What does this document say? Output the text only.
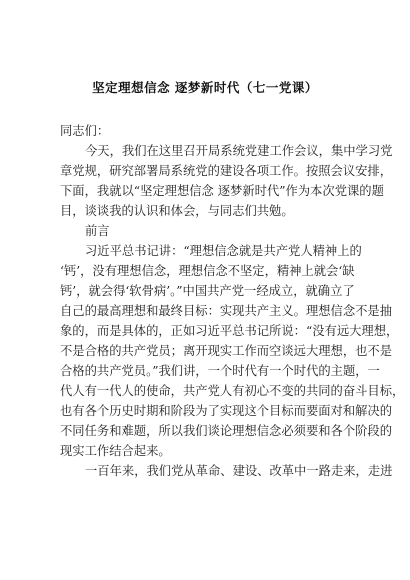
坚定理想信念 逐梦新时代（七一党课）
同志们：
今天，我们在这里召开局系统党建工作会议，集中学习党
章党规，研究部署局系统党的建设各项工作。按照会议安排，
下面，我就以“坚定理想信念 逐梦新时代”作为本次党课的题
目，谈谈我的认识和体会，与同志们共勉。
前言
习近平总书记讲：“理想信念就是共产党人精神上的
‘钙’，没有理想信念，理想信念不坚定，精神上就会‘缺
钙’，就会得‘软骨病’。”中国共产党一经成立，就确立了
自己的最高理想和最终目标：实现共产主义。理想信念不是抽
象的，而是具体的，正如习近平总书记所说：“没有远大理想，
不是合格的共产党员；离开现实工作而空谈远大理想，也不是
合格的共产党员。”我们讲，一个时代有一个时代的主题，一
代人有一代人的使命，共产党人有初心不变的共同的奋斗目标，
也有各个历史时期和阶段为了实现这个目标而要面对和解决的
不同任务和难题，所以我们谈论理想信念必须要和各个阶段的
现实工作结合起来。
一百年来，我们党从革命、建设、改革中一路走来，走进
